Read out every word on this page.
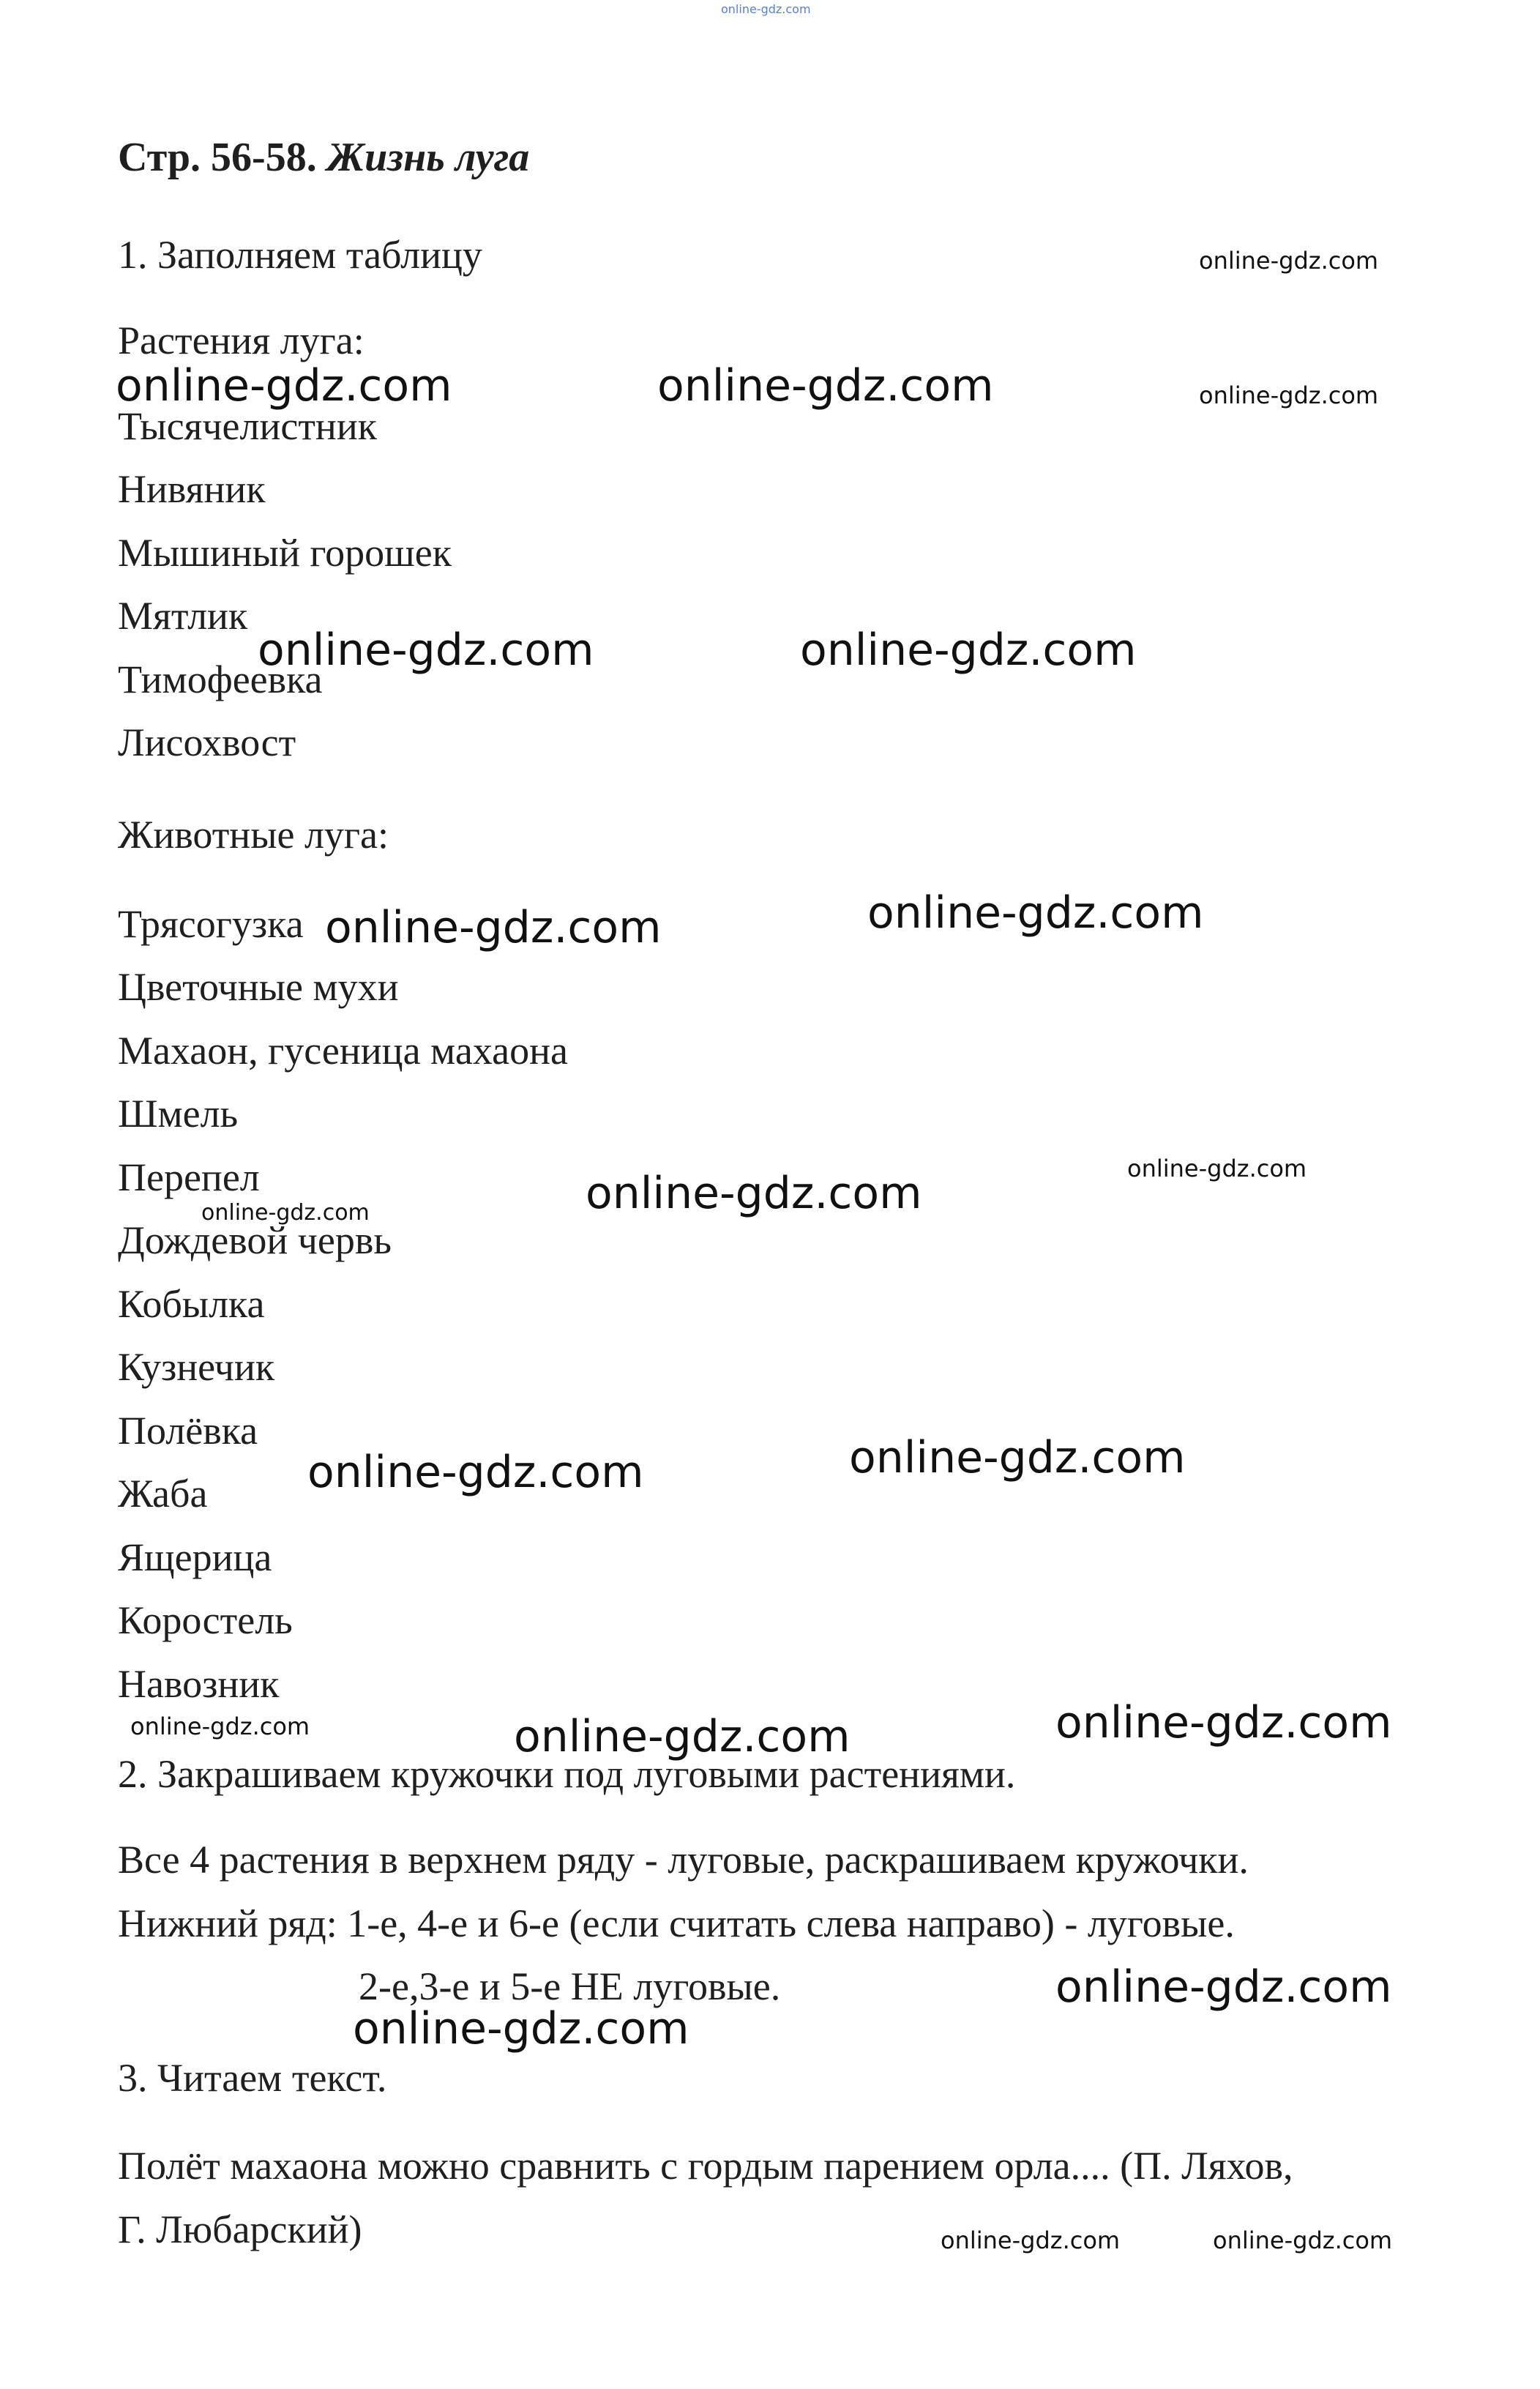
online-gdz.com
Стр. 56-58. Жизнь луга
1. Заполняем таблицу
Растения луга:
Тысячелистник
Нивяник
Мышиный горошек
Мятлик
Тимофеевка
Лисохвост
Животные луга:
Трясогузка
Цветочные мухи
Махаон, гусеница махаона
Шмель
Перепел
Дождевой червь
Кобылка
Кузнечик
Полёвка
Жаба
Ящерица
Коростель
Навозник
2. Закрашиваем кружочки под луговыми растениями.
Все 4 растения в верхнем ряду - луговые, раскрашиваем кружочки.
Нижний ряд: 1-е, 4-е и 6-е (если считать слева направо) - луговые.
2-е,3-е и 5-е НЕ луговые.
3. Читаем текст.
Полёт махаона можно сравнить с гордым парением орла.... (П. Ляхов,
Г. Любарский)
online-gdz.com
online-gdz.com	online-gdz.com	online-gdz.com
online-gdz.com	online-gdz.com
online-gdz.com
online-gdz.com
online-gdz.com
online-gdz.com
online-gdz.com
online-gdz.com
online-gdz.com
online-gdz.com	online-gdz.com
online-gdz.com
online-gdz.com
online-gdz.com
online-gdz.com	online-gdz.com
